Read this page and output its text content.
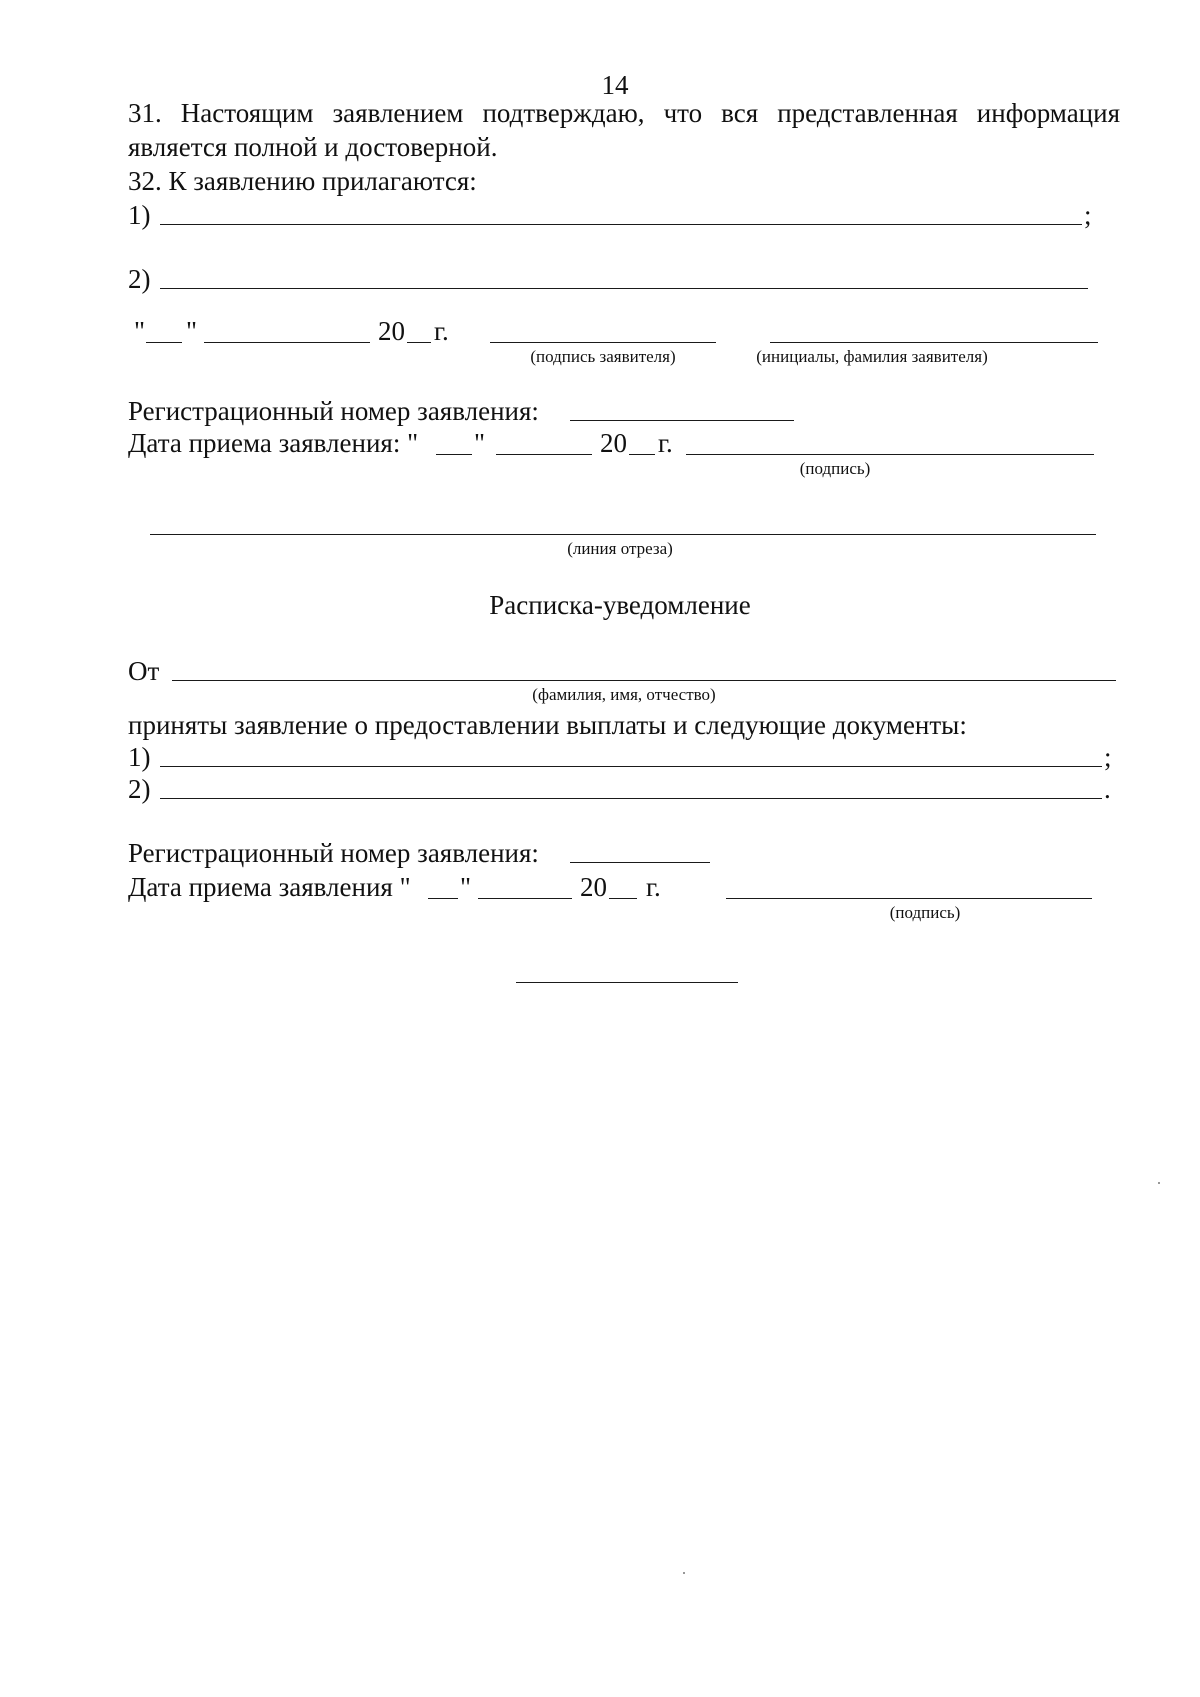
14
31. Настоящим заявлением подтверждаю, что вся представленная информация
является полной и достоверной.
32. К заявлению прилагаются:
1)	;
2)
" "	20 г.
(подпись заявителя)	(инициалы, фамилия заявителя)
Регистрационный номер заявления:
Дата приема заявления: " "	20 г.
(подпись)
(линия отреза)
Расписка-уведомление
От
(фамилия, имя, отчество)
приняты заявление о предоставлении выплаты и следующие документы:
1)	;
2)	.
Регистрационный номер заявления:
Дата приема заявления " "	20 г.
(подпись)
